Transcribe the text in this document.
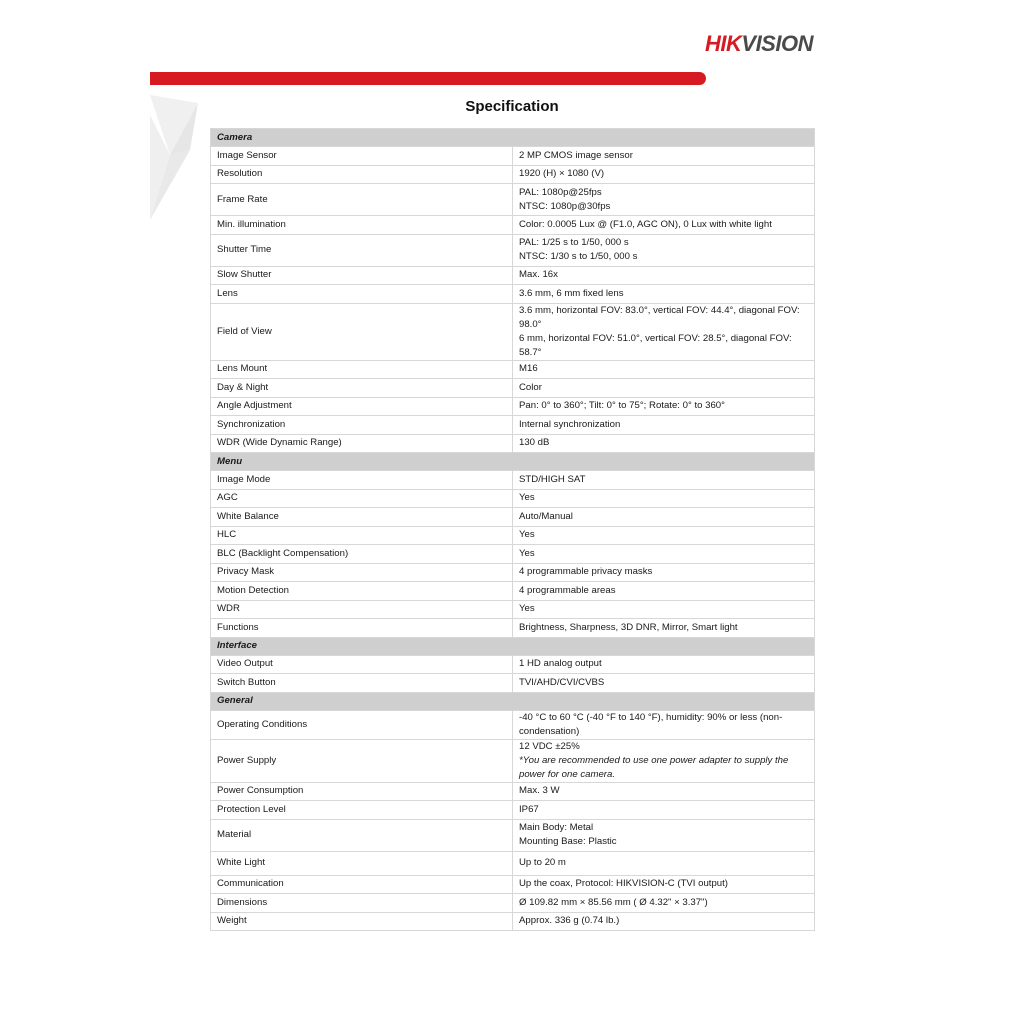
HIKVISION
Specification
Camera	
Image Sensor	2 MP CMOS image sensor
Resolution	1920 (H) × 1080 (V)
Frame Rate	PAL: 1080p@25fps
NTSC: 1080p@30fps

Min. illumination	Color: 0.0005 Lux @ (F1.0, AGC ON), 0 Lux with white light
Shutter Time	PAL: 1/25 s to 1/50, 000 s
NTSC: 1/30 s to 1/50, 000 s

Slow Shutter	Max. 16x
Lens	3.6 mm, 6 mm fixed lens
Field of View	3.6 mm, horizontal FOV: 83.0°, vertical FOV: 44.4°, diagonal FOV: 98.0°
6 mm, horizontal FOV: 51.0°, vertical FOV: 28.5°, diagonal FOV: 58.7°

Lens Mount	M16
Day & Night	Color
Angle Adjustment	Pan: 0° to 360°; Tilt: 0° to 75°; Rotate: 0° to 360°
Synchronization	Internal synchronization
WDR (Wide Dynamic Range)	130 dB
Menu	
Image Mode	STD/HIGH SAT
AGC	Yes
White Balance	Auto/Manual
HLC	Yes
BLC (Backlight Compensation)	Yes
Privacy Mask	4 programmable privacy masks
Motion Detection	4 programmable areas
WDR	Yes
Functions	Brightness, Sharpness, 3D DNR, Mirror, Smart light
Interface	
Video Output	1 HD analog output
Switch Button	TVI/AHD/CVI/CVBS
General	
Operating Conditions	-40 °C to 60 °C (-40 °F to 140 °F), humidity: 90% or less (non-condensation)
Power Supply	12 VDC ±25%
*You are recommended to use one power adapter to supply the power for one camera.

Power Consumption	Max. 3 W
Protection Level	IP67
Material	Main Body: Metal
Mounting Base: Plastic

White Light	Up to 20 m
Communication	Up the coax, Protocol: HIKVISION-C (TVI output)
Dimensions	Ø 109.82 mm × 85.56 mm ( Ø 4.32" × 3.37")
Weight	Approx. 336 g (0.74 lb.)
